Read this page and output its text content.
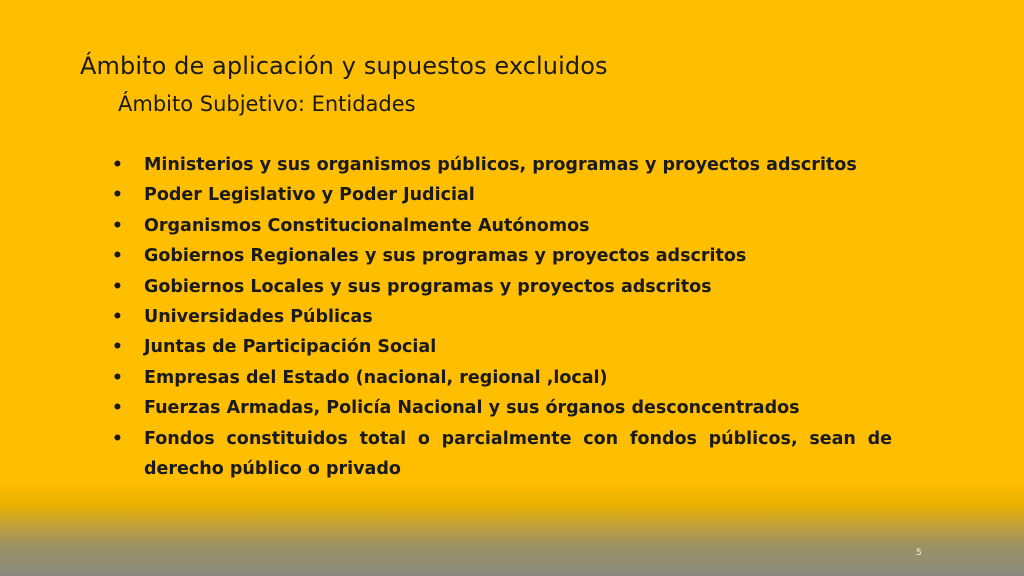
Ámbito de aplicación y supuestos excluidos
Ámbito Subjetivo: Entidades
• Ministerios y sus organismos públicos, programas y proyectos adscritos
• Poder Legislativo y Poder Judicial
• Organismos Constitucionalmente Autónomos
• Gobiernos Regionales y sus programas y proyectos adscritos
• Gobiernos Locales y sus programas y proyectos adscritos
• Universidades Públicas
• Juntas de Participación Social
• Empresas del Estado (nacional, regional ,local)
• Fuerzas Armadas, Policía Nacional y sus órganos desconcentrados
• Fondos constituidos total o parcialmente con fondos públicos, sean de derecho público o privado
5
